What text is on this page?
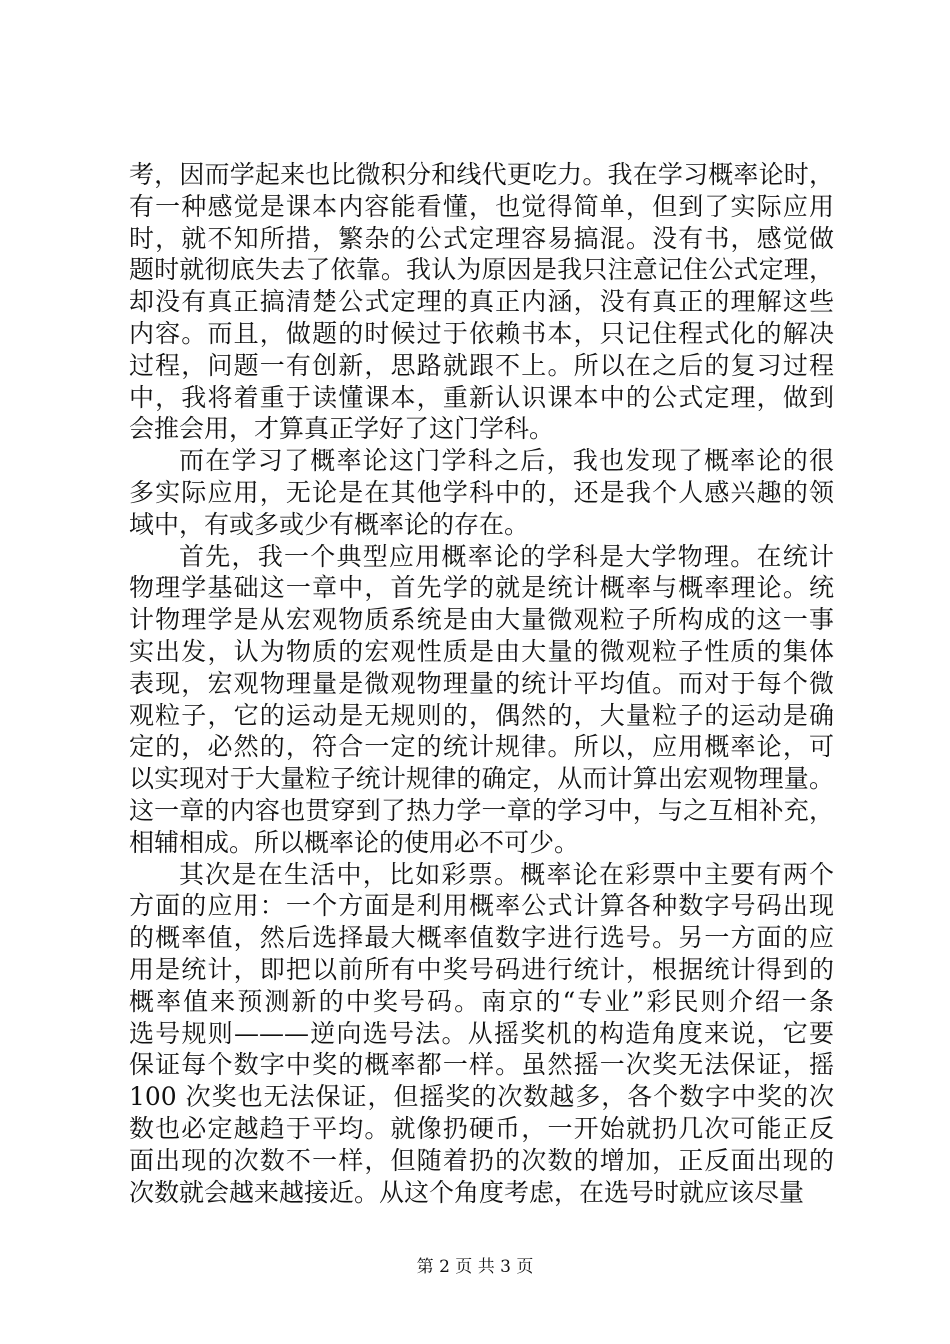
考，因而学起来也比微积分和线代更吃力。我在学习概率论时，
有一种感觉是课本内容能看懂，也觉得简单，但到了实际应用
时，就不知所措，繁杂的公式定理容易搞混。没有书，感觉做
题时就彻底失去了依靠。我认为原因是我只注意记住公式定理，
却没有真正搞清楚公式定理的真正内涵，没有真正的理解这些
内容。而且，做题的时候过于依赖书本，只记住程式化的解决
过程，问题一有创新，思路就跟不上。所以在之后的复习过程
中，我将着重于读懂课本，重新认识课本中的公式定理，做到
会推会用，才算真正学好了这门学科。
而在学习了概率论这门学科之后，我也发现了概率论的很
多实际应用，无论是在其他学科中的，还是我个人感兴趣的领
域中，有或多或少有概率论的存在。
首先，我一个典型应用概率论的学科是大学物理。在统计
物理学基础这一章中，首先学的就是统计概率与概率理论。统
计物理学是从宏观物质系统是由大量微观粒子所构成的这一事
实出发，认为物质的宏观性质是由大量的微观粒子性质的集体
表现，宏观物理量是微观物理量的统计平均值。而对于每个微
观粒子，它的运动是无规则的，偶然的，大量粒子的运动是确
定的，必然的，符合一定的统计规律。所以，应用概率论，可
以实现对于大量粒子统计规律的确定，从而计算出宏观物理量。
这一章的内容也贯穿到了热力学一章的学习中，与之互相补充，
相辅相成。所以概率论的使用必不可少。
其次是在生活中，比如彩票。概率论在彩票中主要有两个
方面的应用：一个方面是利用概率公式计算各种数字号码出现
的概率值，然后选择最大概率值数字进行选号。另一方面的应
用是统计，即把以前所有中奖号码进行统计，根据统计得到的
概率值来预测新的中奖号码。南京的“专业”彩民则介绍一条
选号规则———逆向选号法。从摇奖机的构造角度来说，它要
保证每个数字中奖的概率都一样。虽然摇一次奖无法保证，摇
100 次奖也无法保证，但摇奖的次数越多，各个数字中奖的次
数也必定越趋于平均。就像扔硬币，一开始就扔几次可能正反
面出现的次数不一样，但随着扔的次数的增加，正反面出现的
次数就会越来越接近。从这个角度考虑，在选号时就应该尽量
第 2 页 共 3 页
